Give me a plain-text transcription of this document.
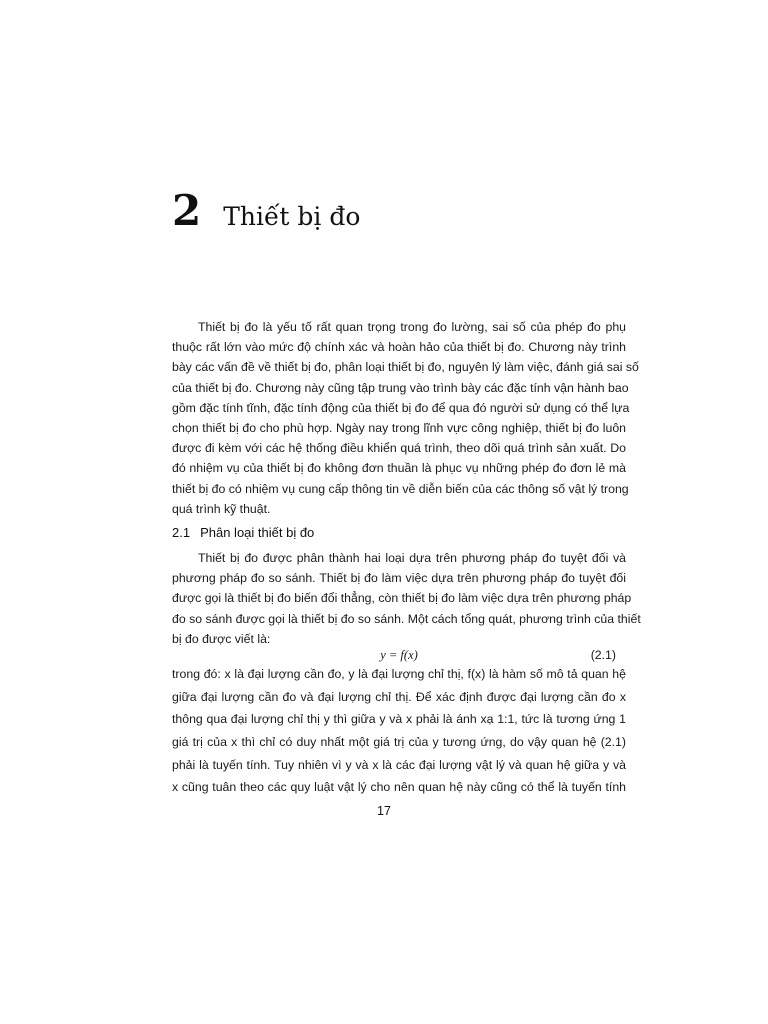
2 Thiết bị đo
Thiết bị đo là yếu tố rất quan trọng trong đo lường, sai số của phép đo phụ
thuộc rất lớn vào mức độ chính xác và hoàn hảo của thiết bị đo. Chương này trình
bày các vấn đề về thiết bị đo, phân loại thiết bị đo, nguyên lý làm việc, đánh giá sai số
của thiết bị đo. Chương này cũng tập trung vào trình bày các đặc tính vận hành bao
gồm đặc tính tĩnh, đặc tính động của thiết bị đo để qua đó người sử dụng có thể lựa
chọn thiết bị đo cho phù hợp. Ngày nay trong lĩnh vực công nghiệp, thiết bị đo luôn
được đi kèm với các hệ thống điều khiển quá trình, theo dõi quá trình sản xuất. Do
đó nhiệm vụ của thiết bị đo không đơn thuần là phục vụ những phép đo đơn lẻ mà
thiết bị đo có nhiệm vụ cung cấp thông tin về diễn biến của các thông số vật lý trong
quá trình kỹ thuật.
2.1 Phân loại thiết bị đo
Thiết bị đo được phân thành hai loại dựa trên phương pháp đo tuyệt đối và
phương pháp đo so sánh. Thiết bị đo làm việc dựa trên phương pháp đo tuyệt đối
được gọi là thiết bị đo biến đổi thẳng, còn thiết bị đo làm việc dựa trên phương pháp
đo so sánh được gọi là thiết bị đo so sánh. Một cách tổng quát, phương trình của thiết
bị đo được viết là:
y = f(x)	(2.1)
trong đó: x là đại lượng cần đo, y là đại lượng chỉ thị, f(x) là hàm số mô tả quan hệ
giữa đại lượng cần đo và đại lượng chỉ thị. Để xác định được đại lượng cần đo x
thông qua đại lượng chỉ thị y thì giữa y và x phải là ánh xạ 1:1, tức là tương ứng 1
giá trị của x thì chỉ có duy nhất một giá trị của y tương ứng, do vậy quan hệ (2.1)
phải là tuyến tính. Tuy nhiên vì y và x là các đại lượng vật lý và quan hệ giữa y và
x cũng tuân theo các quy luật vật lý cho nên quan hệ này cũng có thể là tuyến tính
17
